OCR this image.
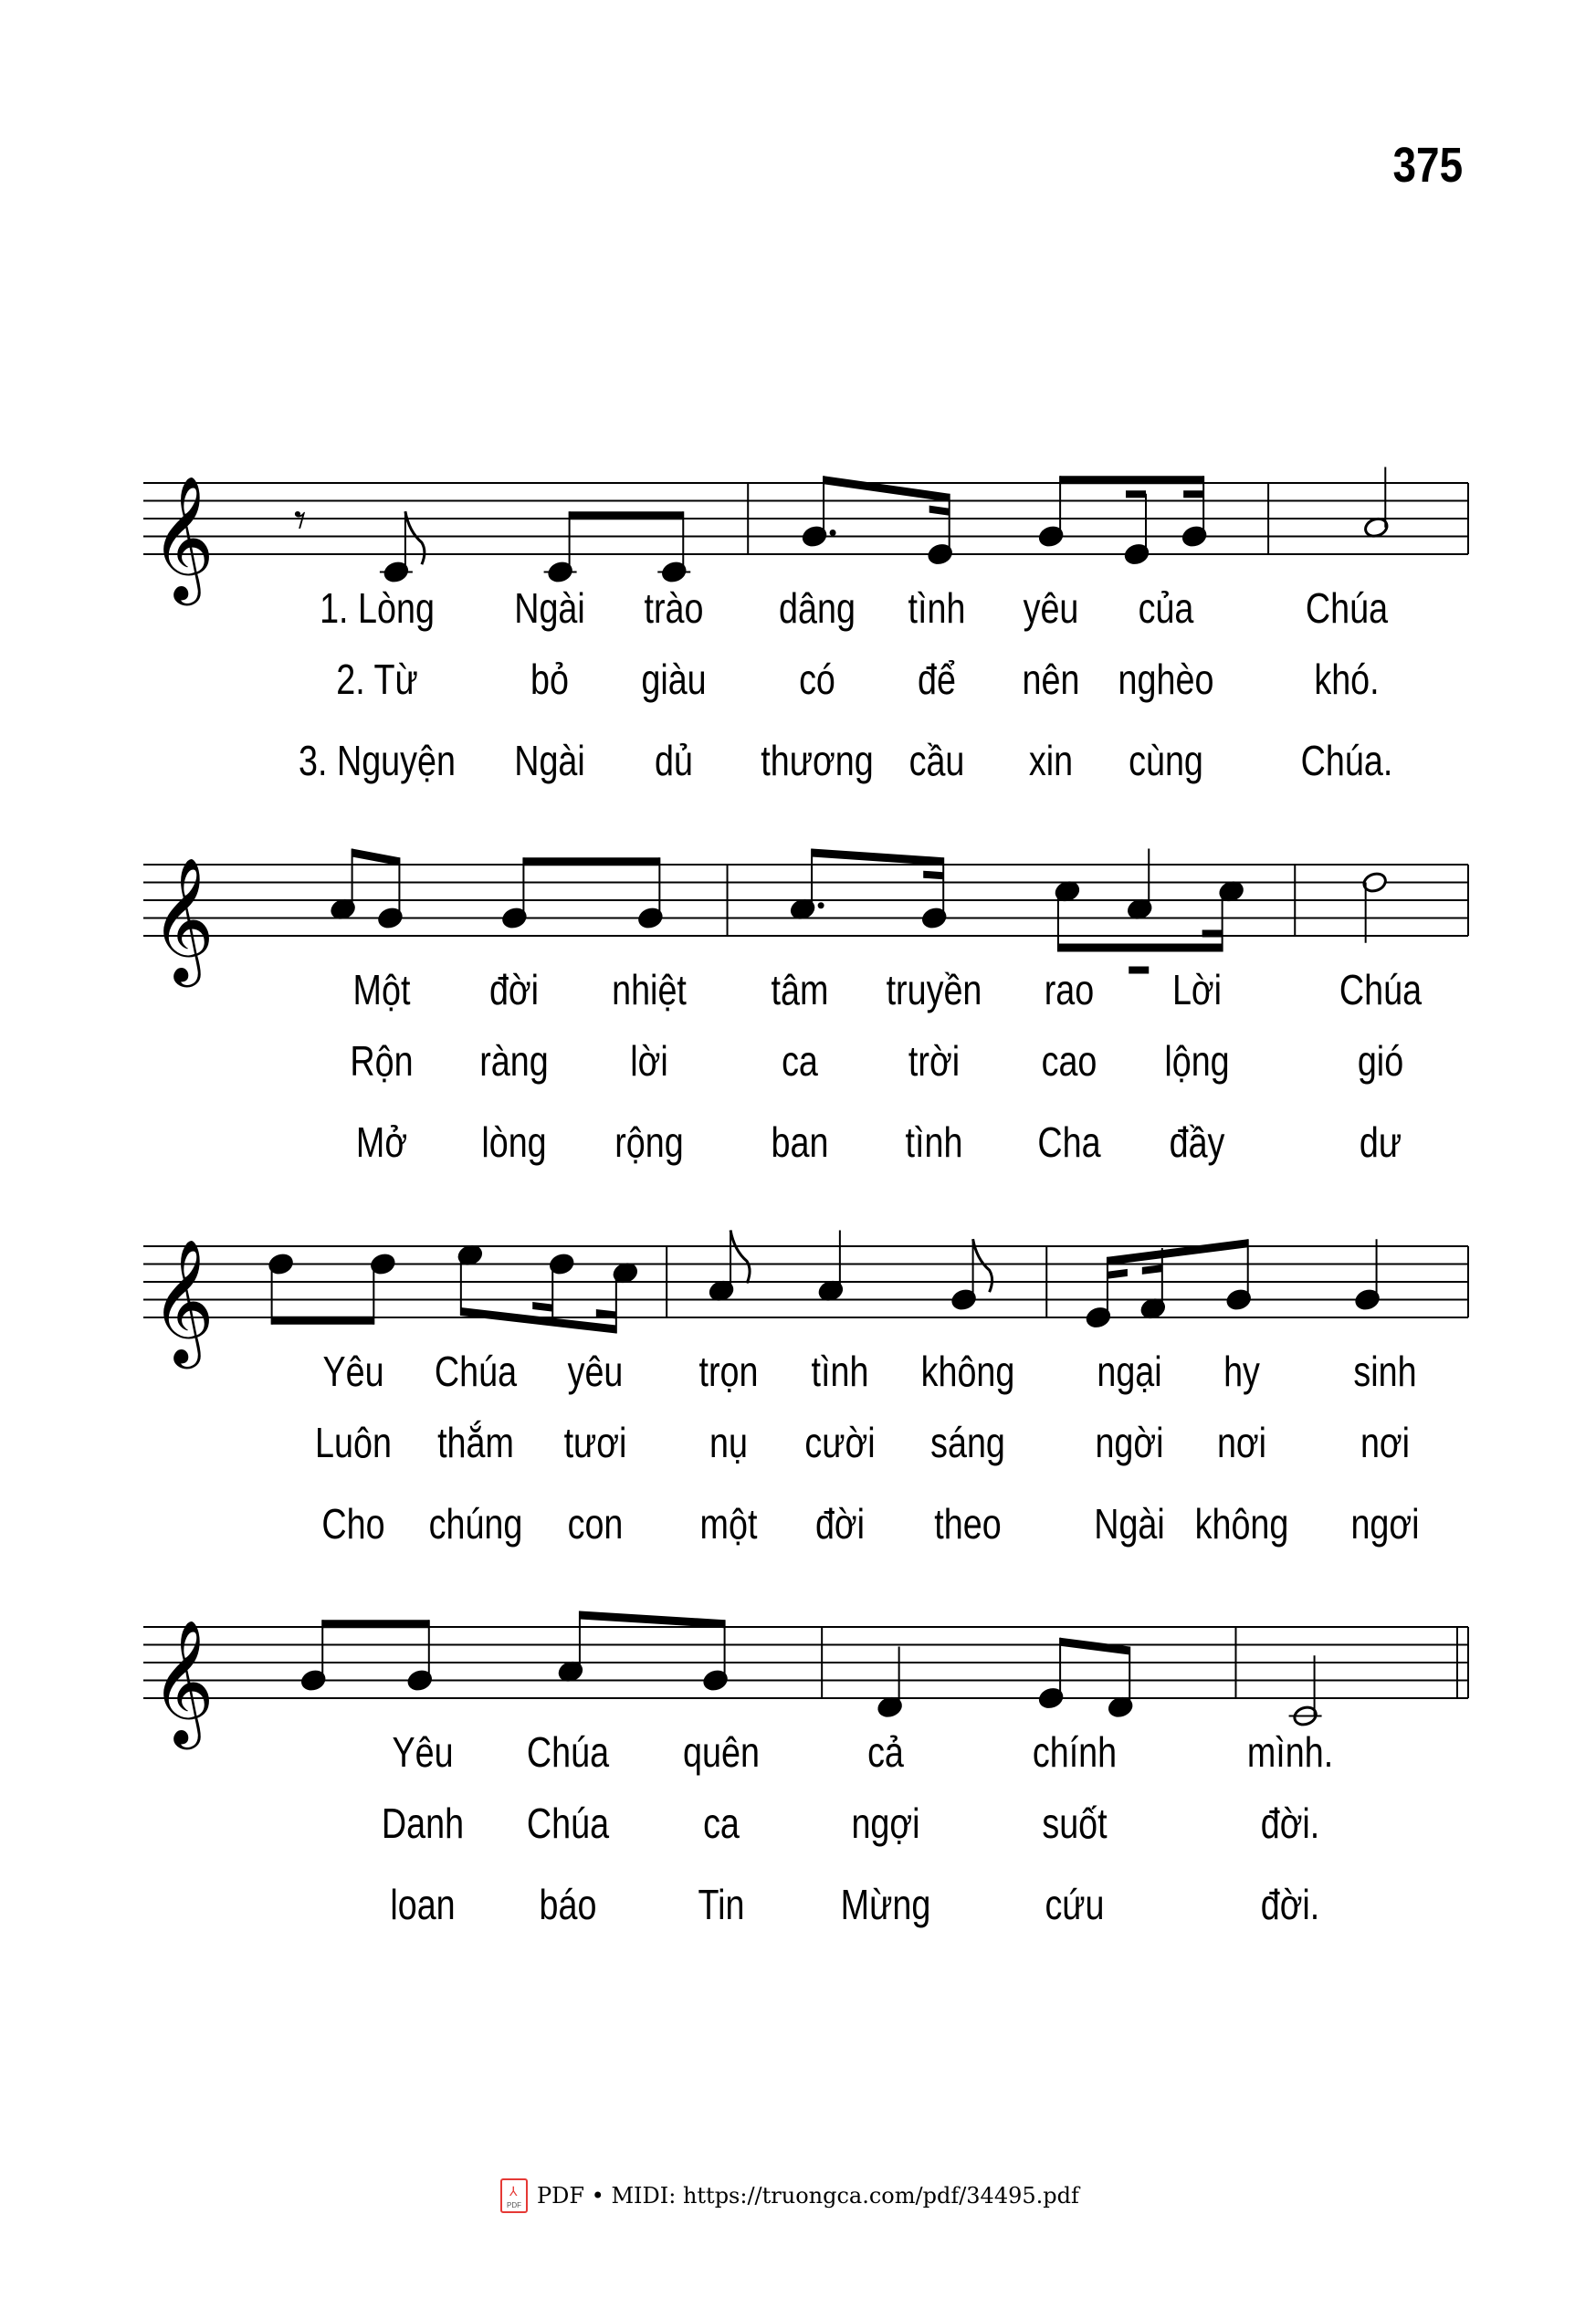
375
𝄞 𝄾
𝄞
𝄞
𝄞
1. Lòng Ngài trào dâng tình yêu của	Chúa
2. Từ	bỏ giàu có để nên nghèo khó.
3. Nguyện Ngài dủ thương cầu xin cùng Chúa.
Một đời nhiệt tâm truyền rao Lời	Chúa
Rộn ràng lời	ca trời cao lộng	gió
Mở lòng rộng ban tình Cha đầy	dư
Yêu Chúa yêu trọn tình không ngại hy sinh
Luôn thắm tươi nụ cười sáng ngời nơi nơi
Cho chúng con một đời theo Ngài không ngơi
Yêu Chúa quên	cả	chính	mình.
Danh Chúa ca	ngợi	suốt	đời.
loan báo Tin Mừng	cứu	đời.
⅄
PDF PDF • MIDI: https://truongca.com/pdf/34495.pdf
